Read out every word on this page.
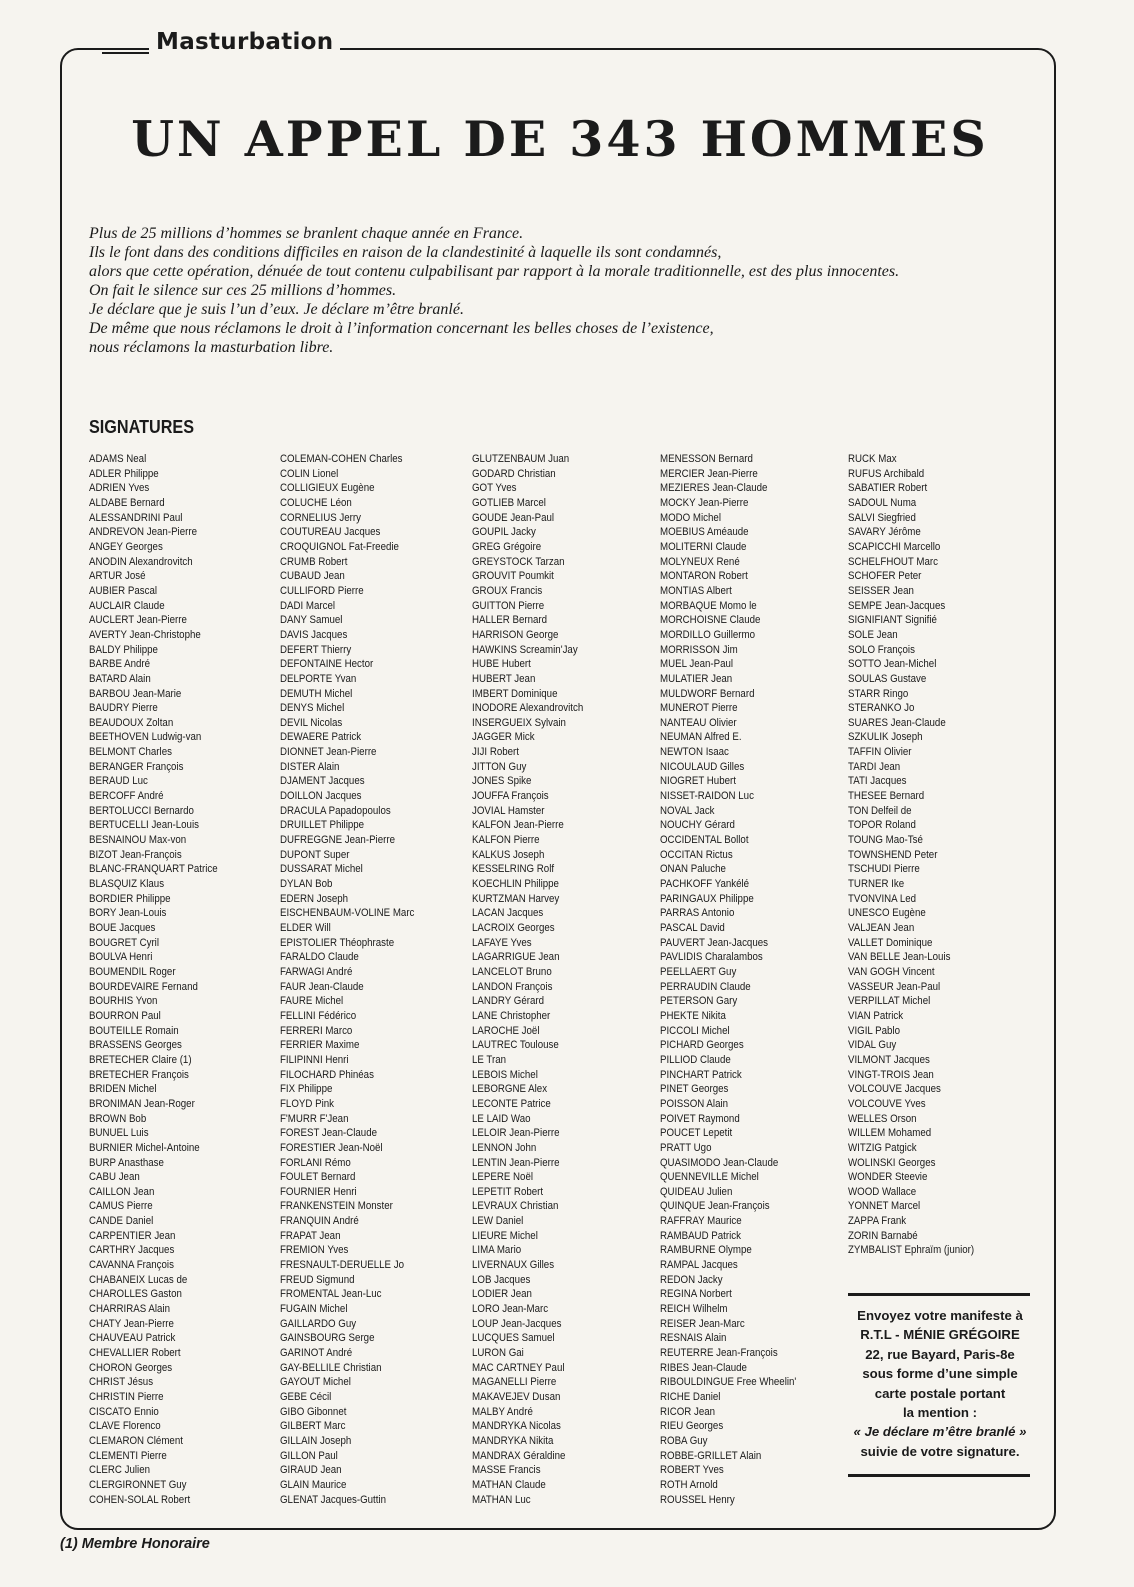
Masturbation
UN APPEL DE 343 HOMMES
Plus de 25 millions d’hommes se branlent chaque année en France.
Ils le font dans des conditions difficiles en raison de la clandestinité à laquelle ils sont condamnés,
alors que cette opération, dénuée de tout contenu culpabilisant par rapport à la morale traditionnelle, est des plus innocentes.
On fait le silence sur ces 25 millions d’hommes.
Je déclare que je suis l’un d’eux. Je déclare m’être branlé.
De même que nous réclamons le droit à l’information concernant les belles choses de l’existence,
nous réclamons la masturbation libre.
SIGNATURES
ADAMS Neal
ADLER Philippe
ADRIEN Yves
ALDABE Bernard
ALESSANDRINI Paul
ANDREVON Jean-Pierre
ANGEY Georges
ANODIN Alexandrovitch
ARTUR José
AUBIER Pascal
AUCLAIR Claude
AUCLERT Jean-Pierre
AVERTY Jean-Christophe
BALDY Philippe
BARBE André
BATARD Alain
BARBOU Jean-Marie
BAUDRY Pierre
BEAUDOUX Zoltan
BEETHOVEN Ludwig-van
BELMONT Charles
BERANGER François
BERAUD Luc
BERCOFF André
BERTOLUCCI Bernardo
BERTUCELLI Jean-Louis
BESNAINOU Max-von
BIZOT Jean-François
BLANC-FRANQUART Patrice
BLASQUIZ Klaus
BORDIER Philippe
BORY Jean-Louis
BOUE Jacques
BOUGRET Cyril
BOULVA Henri
BOUMENDIL Roger
BOURDEVAIRE Fernand
BOURHIS Yvon
BOURRON Paul
BOUTEILLE Romain
BRASSENS Georges
BRETECHER Claire (1)
BRETECHER François
BRIDEN Michel
BRONIMAN Jean-Roger
BROWN Bob
BUNUEL Luis
BURNIER Michel-Antoine
BURP Anasthase
CABU Jean
CAILLON Jean
CAMUS Pierre
CANDE Daniel
CARPENTIER Jean
CARTHRY Jacques
CAVANNA François
CHABANEIX Lucas de
CHAROLLES Gaston
CHARRIRAS Alain
CHATY Jean-Pierre
CHAUVEAU Patrick
CHEVALLIER Robert
CHORON Georges
CHRIST Jésus
CHRISTIN Pierre
CISCATO Ennio
CLAVE Florenco
CLEMARON Clément
CLEMENTI Pierre
CLERC Julien
CLERGIRONNET Guy
COHEN-SOLAL Robert
COLEMAN-COHEN Charles
COLIN Lionel
COLLIGIEUX Eugène
COLUCHE Léon
CORNELIUS Jerry
COUTUREAU Jacques
CROQUIGNOL Fat-Freedie
CRUMB Robert
CUBAUD Jean
CULLIFORD Pierre
DADI Marcel
DANY Samuel
DAVIS Jacques
DEFERT Thierry
DEFONTAINE Hector
DELPORTE Yvan
DEMUTH Michel
DENYS Michel
DEVIL Nicolas
DEWAERE Patrick
DIONNET Jean-Pierre
DISTER Alain
DJAMENT Jacques
DOILLON Jacques
DRACULA Papadopoulos
DRUILLET Philippe
DUFREGGNE Jean-Pierre
DUPONT Super
DUSSARAT Michel
DYLAN Bob
EDERN Joseph
EISCHENBAUM-VOLINE Marc
ELDER Will
EPISTOLIER Théophraste
FARALDO Claude
FARWAGI André
FAUR Jean-Claude
FAURE Michel
FELLINI Fédérico
FERRERI Marco
FERRIER Maxime
FILIPINNI Henri
FILOCHARD Phinéas
FIX Philippe
FLOYD Pink
F'MURR F'Jean
FOREST Jean-Claude
FORESTIER Jean-Noël
FORLANI Rémo
FOULET Bernard
FOURNIER Henri
FRANKENSTEIN Monster
FRANQUIN André
FRAPAT Jean
FREMION Yves
FRESNAULT-DERUELLE Jo
FREUD Sigmund
FROMENTAL Jean-Luc
FUGAIN Michel
GAILLARDO Guy
GAINSBOURG Serge
GARINOT André
GAY-BELLILE Christian
GAYOUT Michel
GEBE Cécil
GIBO Gibonnet
GILBERT Marc
GILLAIN Joseph
GILLON Paul
GIRAUD Jean
GLAIN Maurice
GLENAT Jacques-Guttin
GLUTZENBAUM Juan
GODARD Christian
GOT Yves
GOTLIEB Marcel
GOUDE Jean-Paul
GOUPIL Jacky
GREG Grégoire
GREYSTOCK Tarzan
GROUVIT Poumkit
GROUX Francis
GUITTON Pierre
HALLER Bernard
HARRISON George
HAWKINS Screamin'Jay
HUBE Hubert
HUBERT Jean
IMBERT Dominique
INODORE Alexandrovitch
INSERGUEIX Sylvain
JAGGER Mick
JIJI Robert
JITTON Guy
JONES Spike
JOUFFA François
JOVIAL Hamster
KALFON Jean-Pierre
KALFON Pierre
KALKUS Joseph
KESSELRING Rolf
KOECHLIN Philippe
KURTZMAN Harvey
LACAN Jacques
LACROIX Georges
LAFAYE Yves
LAGARRIGUE Jean
LANCELOT Bruno
LANDON François
LANDRY Gérard
LANE Christopher
LAROCHE Joël
LAUTREC Toulouse
LE Tran
LEBOIS Michel
LEBORGNE Alex
LECONTE Patrice
LE LAID Wao
LELOIR Jean-Pierre
LENNON John
LENTIN Jean-Pierre
LEPERE Noël
LEPETIT Robert
LEVRAUX Christian
LEW Daniel
LIEURE Michel
LIMA Mario
LIVERNAUX Gilles
LOB Jacques
LODIER Jean
LORO Jean-Marc
LOUP Jean-Jacques
LUCQUES Samuel
LURON Gai
MAC CARTNEY Paul
MAGANELLI Pierre
MAKAVEJEV Dusan
MALBY André
MANDRYKA Nicolas
MANDRYKA Nikita
MANDRAX Géraldine
MASSE Francis
MATHAN Claude
MATHAN Luc
MENESSON Bernard
MERCIER Jean-Pierre
MEZIERES Jean-Claude
MOCKY Jean-Pierre
MODO Michel
MOEBIUS Améaude
MOLITERNI Claude
MOLYNEUX René
MONTARON Robert
MONTIAS Albert
MORBAQUE Momo le
MORCHOISNE Claude
MORDILLO Guillermo
MORRISSON Jim
MUEL Jean-Paul
MULATIER Jean
MULDWORF Bernard
MUNEROT Pierre
NANTEAU Olivier
NEUMAN Alfred E.
NEWTON Isaac
NICOULAUD Gilles
NIOGRET Hubert
NISSET-RAIDON Luc
NOVAL Jack
NOUCHY Gérard
OCCIDENTAL Bollot
OCCITAN Rictus
ONAN Paluche
PACHKOFF Yankélé
PARINGAUX Philippe
PARRAS Antonio
PASCAL David
PAUVERT Jean-Jacques
PAVLIDIS Charalambos
PEELLAERT Guy
PERRAUDIN Claude
PETERSON Gary
PHEKTE Nikita
PICCOLI Michel
PICHARD Georges
PILLIOD Claude
PINCHART Patrick
PINET Georges
POISSON Alain
POIVET Raymond
POUCET Lepetit
PRATT Ugo
QUASIMODO Jean-Claude
QUENNEVILLE Michel
QUIDEAU Julien
QUINQUE Jean-François
RAFFRAY Maurice
RAMBAUD Patrick
RAMBURNE Olympe
RAMPAL Jacques
REDON Jacky
REGINA Norbert
REICH Wilhelm
REISER Jean-Marc
RESNAIS Alain
REUTERRE Jean-François
RIBES Jean-Claude
RIBOULDINGUE Free Wheelin'
RICHE Daniel
RICOR Jean
RIEU Georges
ROBA Guy
ROBBE-GRILLET Alain
ROBERT Yves
ROTH Arnold
ROUSSEL Henry
RUCK Max
RUFUS Archibald
SABATIER Robert
SADOUL Numa
SALVI Siegfried
SAVARY Jérôme
SCAPICCHI Marcello
SCHELFHOUT Marc
SCHOFER Peter
SEISSER Jean
SEMPE Jean-Jacques
SIGNIFIANT Signifié
SOLE Jean
SOLO François
SOTTO Jean-Michel
SOULAS Gustave
STARR Ringo
STERANKO Jo
SUARES Jean-Claude
SZKULIK Joseph
TAFFIN Olivier
TARDI Jean
TATI Jacques
THESEE Bernard
TON Delfeil de
TOPOR Roland
TOUNG Mao-Tsé
TOWNSHEND Peter
TSCHUDI Pierre
TURNER Ike
TVONVINA Led
UNESCO Eugène
VALJEAN Jean
VALLET Dominique
VAN BELLE Jean-Louis
VAN GOGH Vincent
VASSEUR Jean-Paul
VERPILLAT Michel
VIAN Patrick
VIGIL Pablo
VIDAL Guy
VILMONT Jacques
VINGT-TROIS Jean
VOLCOUVE Jacques
VOLCOUVE Yves
WELLES Orson
WILLEM Mohamed
WITZIG Patgick
WOLINSKI Georges
WONDER Steevie
WOOD Wallace
YONNET Marcel
ZAPPA Frank
ZORIN Barnabé
ZYMBALIST Ephraïm (junior)
Envoyez votre manifeste à
R.T.L - MÉNIE GRÉGOIRE
22, rue Bayard, Paris-8e
sous forme d’une simple
carte postale portant
la mention :
« Je déclare m’être branlé »
suivie de votre signature.
(1) Membre Honoraire
